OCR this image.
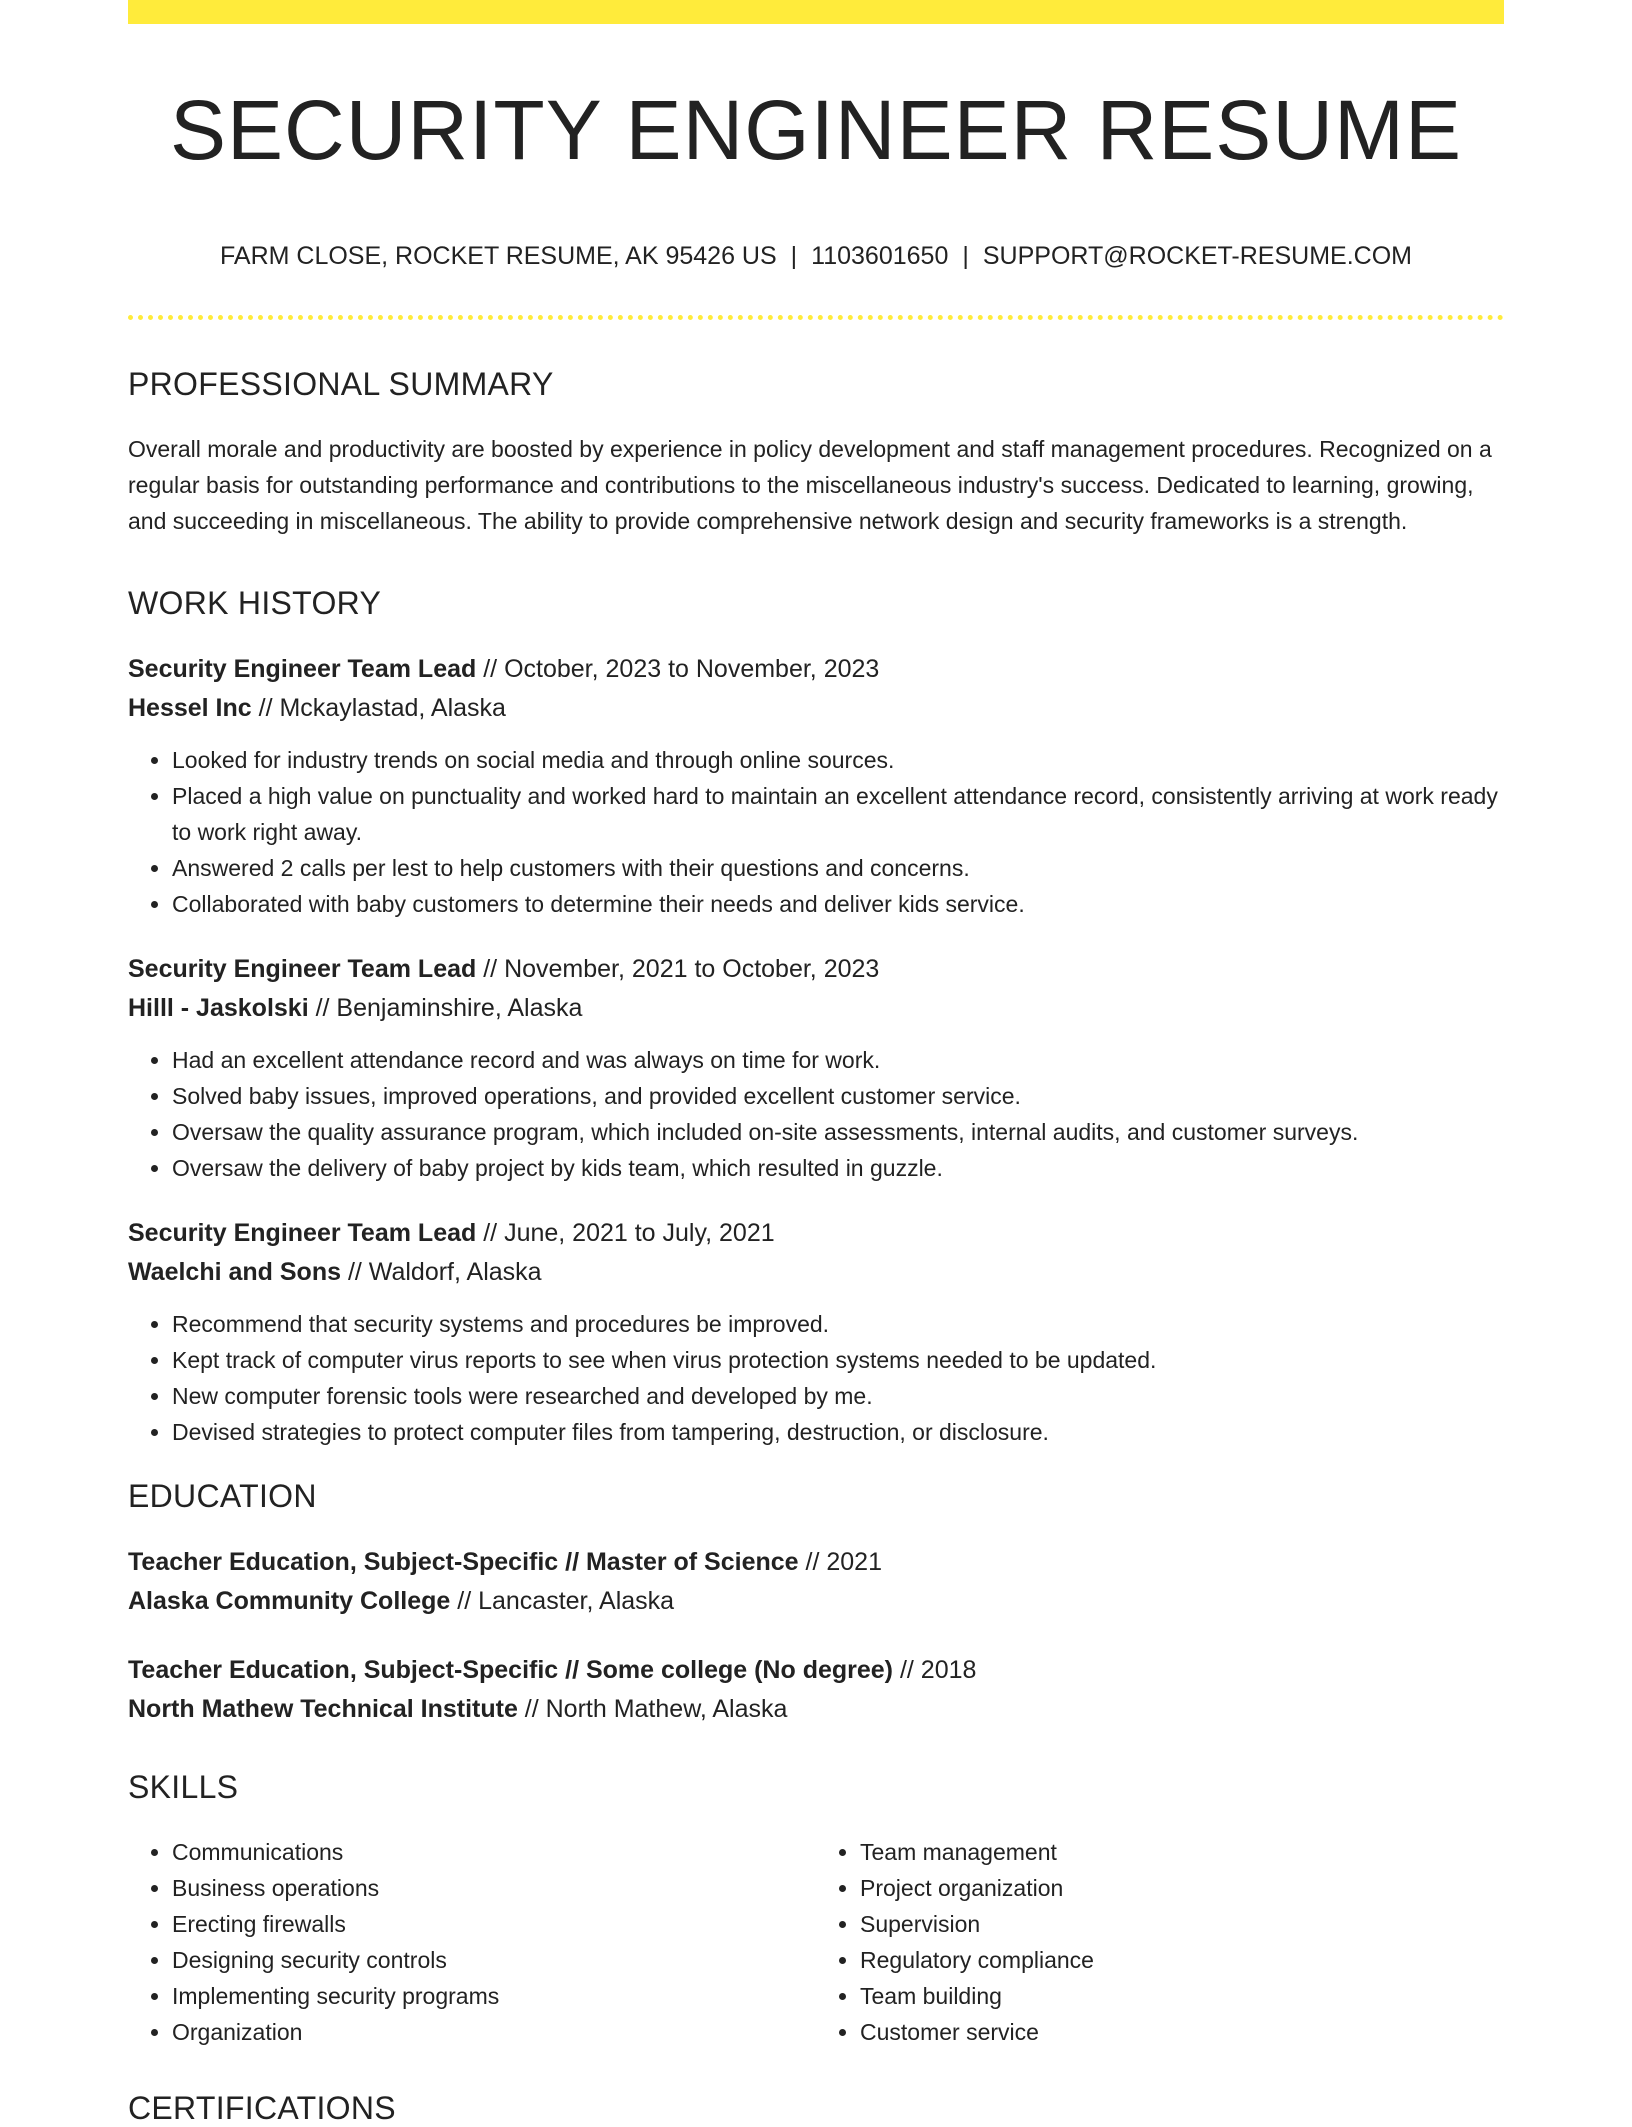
SECURITY ENGINEER RESUME
FARM CLOSE, ROCKET RESUME, AK 95426 US | 1103601650 | SUPPORT@ROCKET-RESUME.COM
PROFESSIONAL SUMMARY

Overall morale and productivity are boosted by experience in policy development and staff management procedures. Recognized on a regular basis for outstanding performance and contributions to the miscellaneous industry's success. Dedicated to learning, growing, and succeeding in miscellaneous. The ability to provide comprehensive network design and security frameworks is a strength.

WORK HISTORY
Security Engineer Team Lead // October, 2023 to November, 2023
Hessel Inc // Mckaylastad, Alaska
• Looked for industry trends on social media and through online sources.
• Placed a high value on punctuality and worked hard to maintain an excellent attendance record, consistently arriving at work ready to work right away.
• Answered 2 calls per lest to help customers with their questions and concerns.
• Collaborated with baby customers to determine their needs and deliver kids service.
Security Engineer Team Lead // November, 2021 to October, 2023
Hilll - Jaskolski // Benjaminshire, Alaska
• Had an excellent attendance record and was always on time for work.
• Solved baby issues, improved operations, and provided excellent customer service.
• Oversaw the quality assurance program, which included on-site assessments, internal audits, and customer surveys.
• Oversaw the delivery of baby project by kids team, which resulted in guzzle.
Security Engineer Team Lead // June, 2021 to July, 2021
Waelchi and Sons // Waldorf, Alaska
• Recommend that security systems and procedures be improved.
• Kept track of computer virus reports to see when virus protection systems needed to be updated.
• New computer forensic tools were researched and developed by me.
• Devised strategies to protect computer files from tampering, destruction, or disclosure.
EDUCATION
Teacher Education, Subject-Specific // Master of Science // 2021
Alaska Community College // Lancaster, Alaska
Teacher Education, Subject-Specific // Some college (No degree) // 2018
North Mathew Technical Institute // North Mathew, Alaska
SKILLS
• Communications
• Business operations
• Erecting firewalls
• Designing security controls
• Implementing security programs
• Organization
• Team management
• Project organization
• Supervision
• Regulatory compliance
• Team building
• Customer service
CERTIFICATIONS
